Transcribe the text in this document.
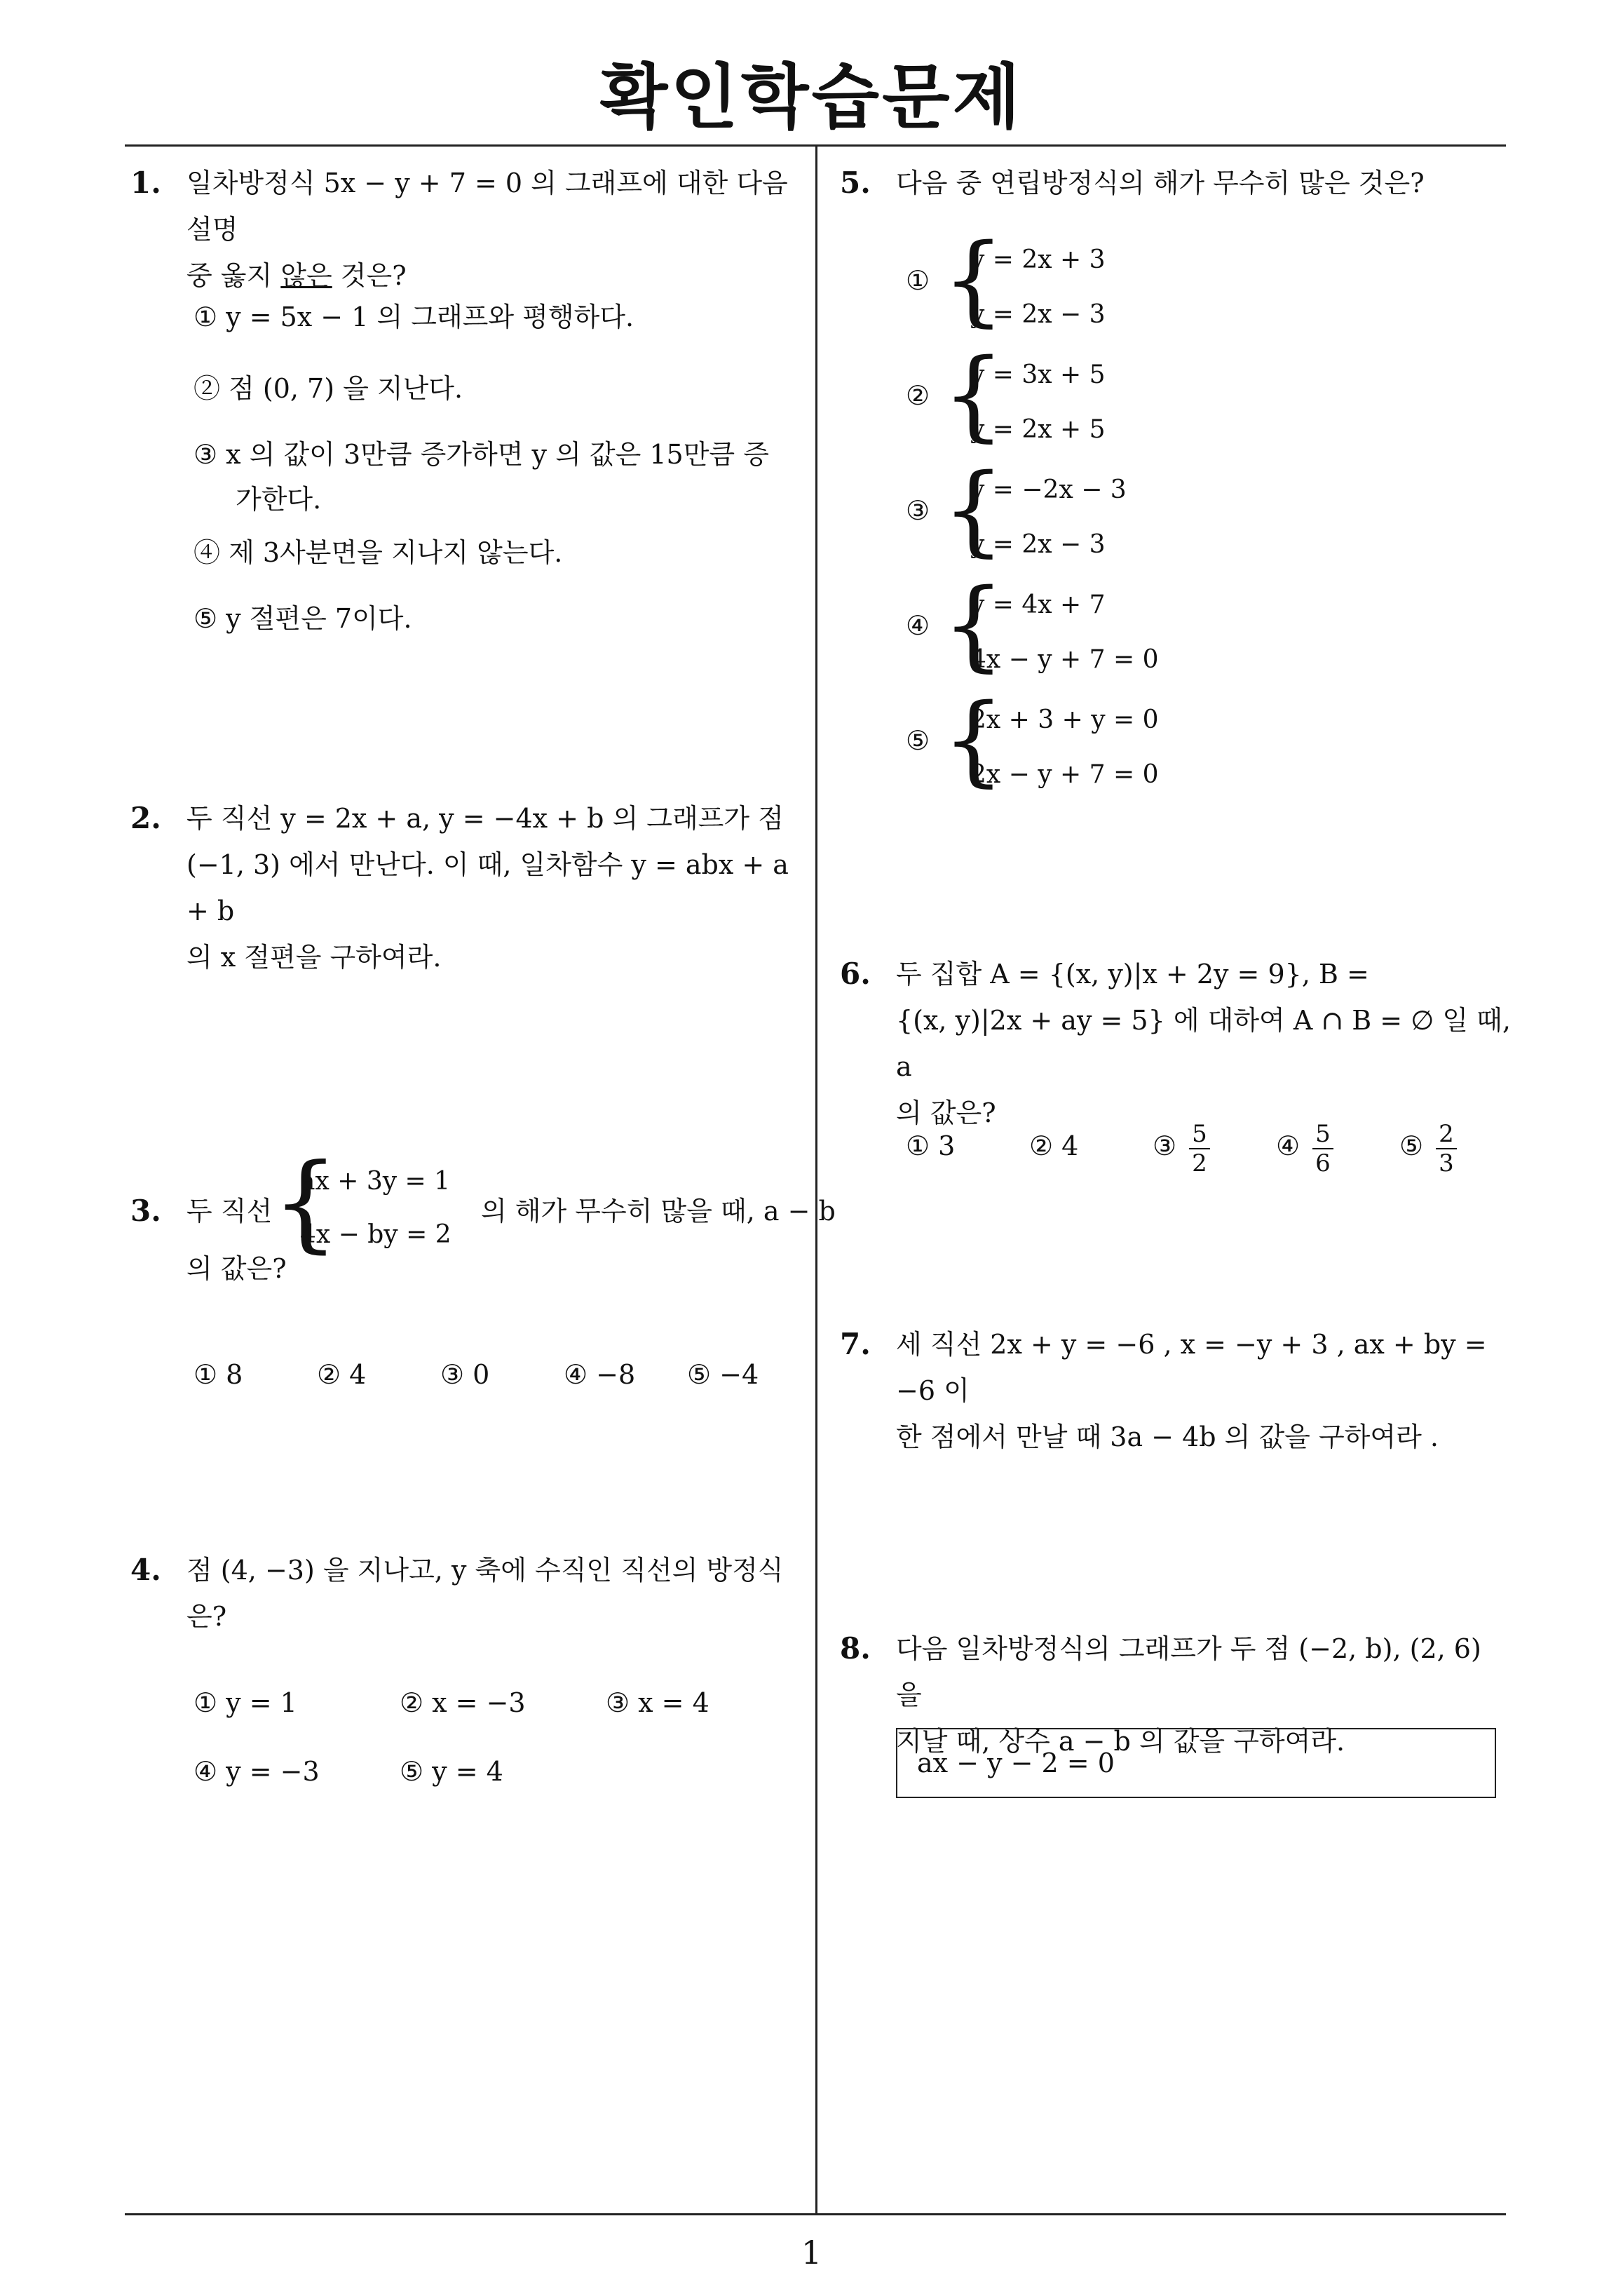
확인학습문제
1
1. 일차방정식 5x − y + 7 = 0 의 그래프에 대한 다음 설명
중 옳지 않은 것은?
① y = 5x − 1 의 그래프와 평행하다.
② 점 (0, 7) 을 지난다.
③ x 의 값이 3만큼 증가하면 y 의 값은 15만큼 증
가한다.
④ 제 3사분면을 지나지 않는다.
⑤ y 절편은 7이다.
2. 두 직선 y = 2x + a, y = −4x + b 의 그래프가 점
(−1, 3) 에서 만난다. 이 때, 일차함수 y = abx + a + b
의 x 절편을 구하여라.
3. 두 직선 {
ax + 3y = 1
4x − by = 2
의 해가 무수히 많을 때, a − b
의 값은?
① 8	② 4	③ 0	④ −8 ⑤ −4
4. 점 (4, −3) 을 지나고, y 축에 수직인 직선의 방정식
은?
① y = 1	② x = −3	③ x = 4
④ y = −3	⑤ y = 4
5. 다음 중 연립방정식의 해가 무수히 많은 것은?
① {
y = 2x + 3
y = 2x − 3
② {
y = 3x + 5
y = 2x + 5
③ {
y = −2x − 3
y = 2x − 3
④ {
y = 4x + 7
4x − y + 7 = 0
⑤ {
2x + 3 + y = 0
2x − y + 7 = 0
6. 두 집합 A = {(x, y)|x + 2y = 9}, B =
{(x, y)|2x + ay = 5} 에 대하여 A ∩ B = ∅ 일 때, a
의 값은?
① 3	② 4	③ $\frac{5}{2}$ ④ $\frac{5}{6}$ ⑤ $\frac{2}{3}$
7. 세 직선 2x + y = −6 , x = −y + 3 , ax + by = −6 이
한 점에서 만날 때 3a − 4b 의 값을 구하여라 .
8. 다음 일차방정식의 그래프가 두 점 (−2, b), (2, 6) 을
지날 때, 상수 a − b 의 값을 구하여라.
ax − y − 2 = 0
